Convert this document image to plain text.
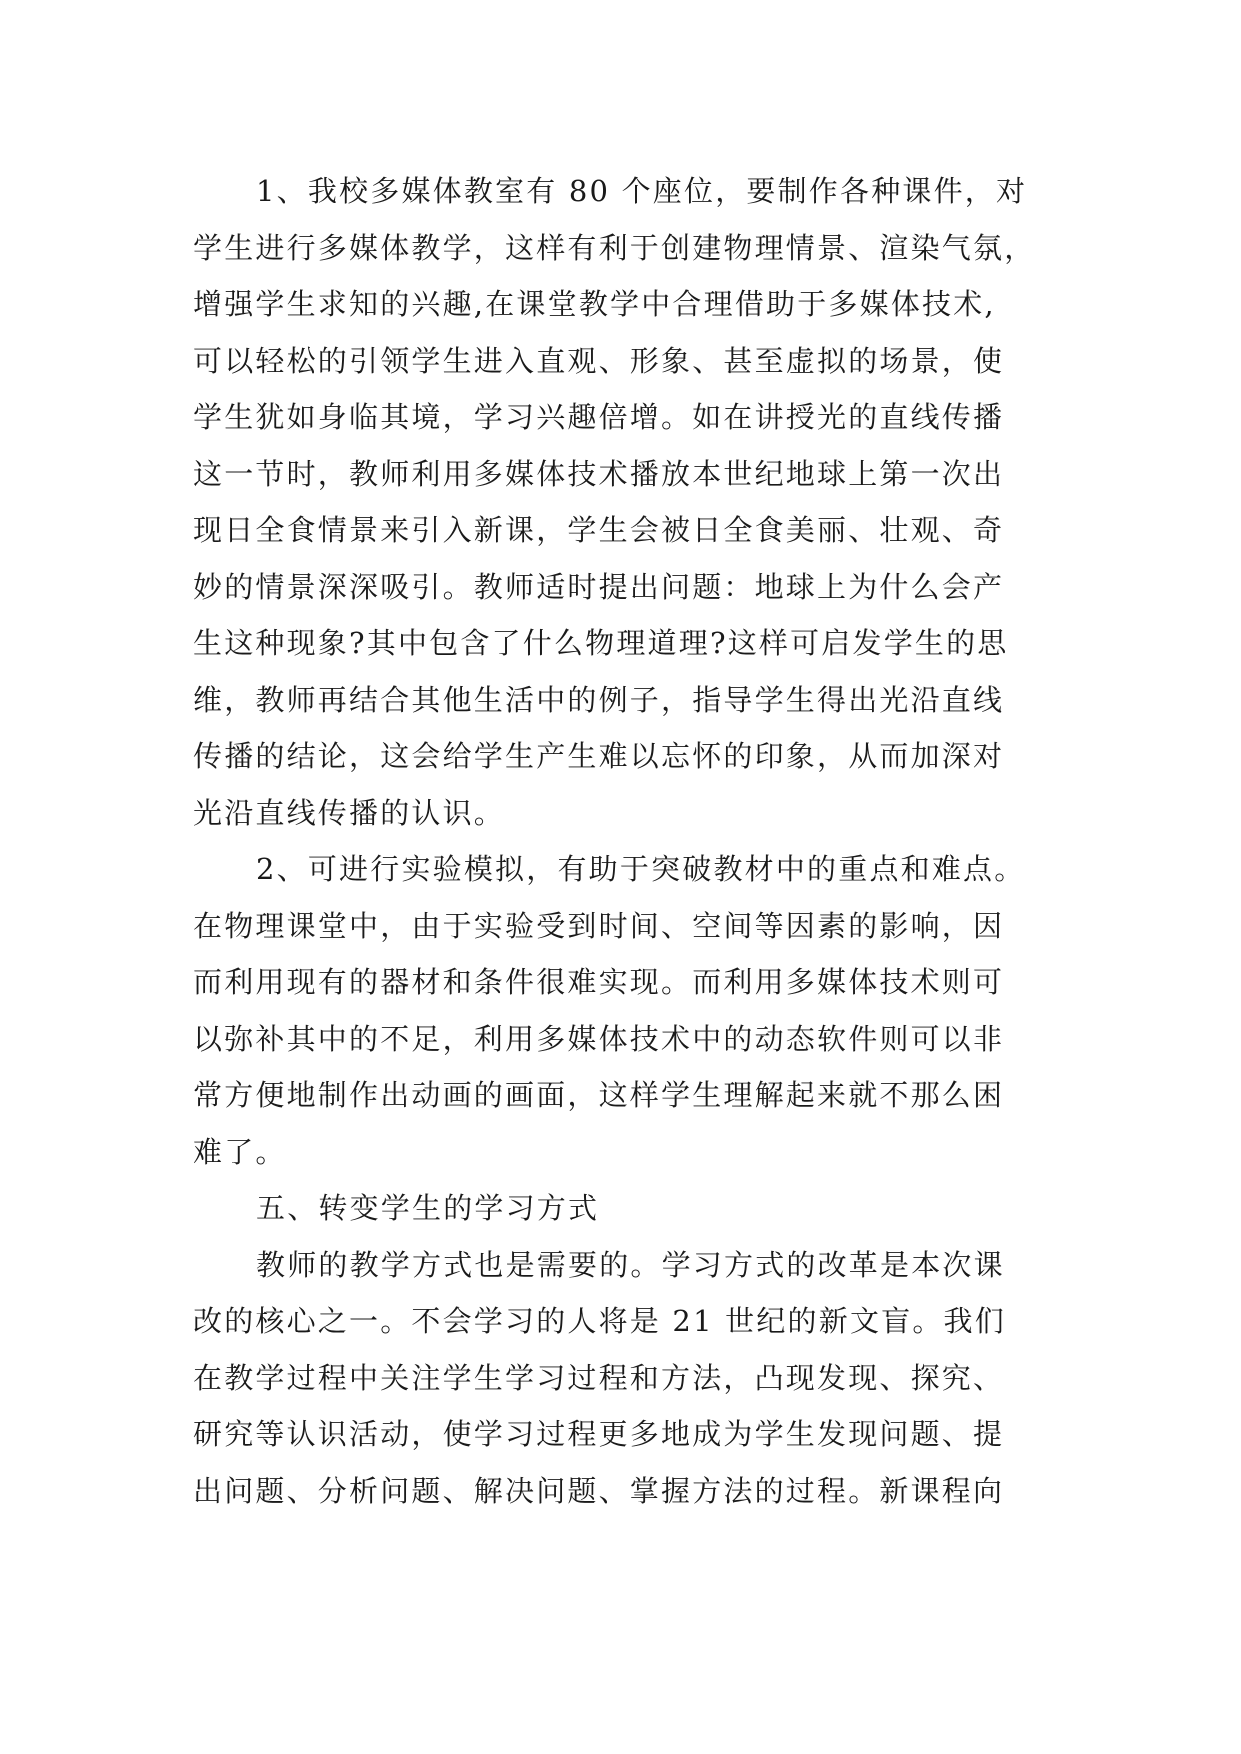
1、我校多媒体教室有 80 个座位，要制作各种课件，对
学生进行多媒体教学，这样有利于创建物理情景、渲染气氛，
增强学生求知的兴趣,在课堂教学中合理借助于多媒体技术,
可以轻松的引领学生进入直观、形象、甚至虚拟的场景，使
学生犹如身临其境，学习兴趣倍增。如在讲授光的直线传播
这一节时，教师利用多媒体技术播放本世纪地球上第一次出
现日全食情景来引入新课，学生会被日全食美丽、壮观、奇
妙的情景深深吸引。教师适时提出问题：地球上为什么会产
生这种现象?其中包含了什么物理道理?这样可启发学生的思
维，教师再结合其他生活中的例子，指导学生得出光沿直线
传播的结论，这会给学生产生难以忘怀的印象，从而加深对
光沿直线传播的认识。
2、可进行实验模拟，有助于突破教材中的重点和难点。
在物理课堂中，由于实验受到时间、空间等因素的影响，因
而利用现有的器材和条件很难实现。而利用多媒体技术则可
以弥补其中的不足，利用多媒体技术中的动态软件则可以非
常方便地制作出动画的画面，这样学生理解起来就不那么困
难了。
五、转变学生的学习方式
教师的教学方式也是需要的。学习方式的改革是本次课
改的核心之一。不会学习的人将是 21 世纪的新文盲。我们
在教学过程中关注学生学习过程和方法，凸现发现、探究、
研究等认识活动，使学习过程更多地成为学生发现问题、提
出问题、分析问题、解决问题、掌握方法的过程。新课程向
